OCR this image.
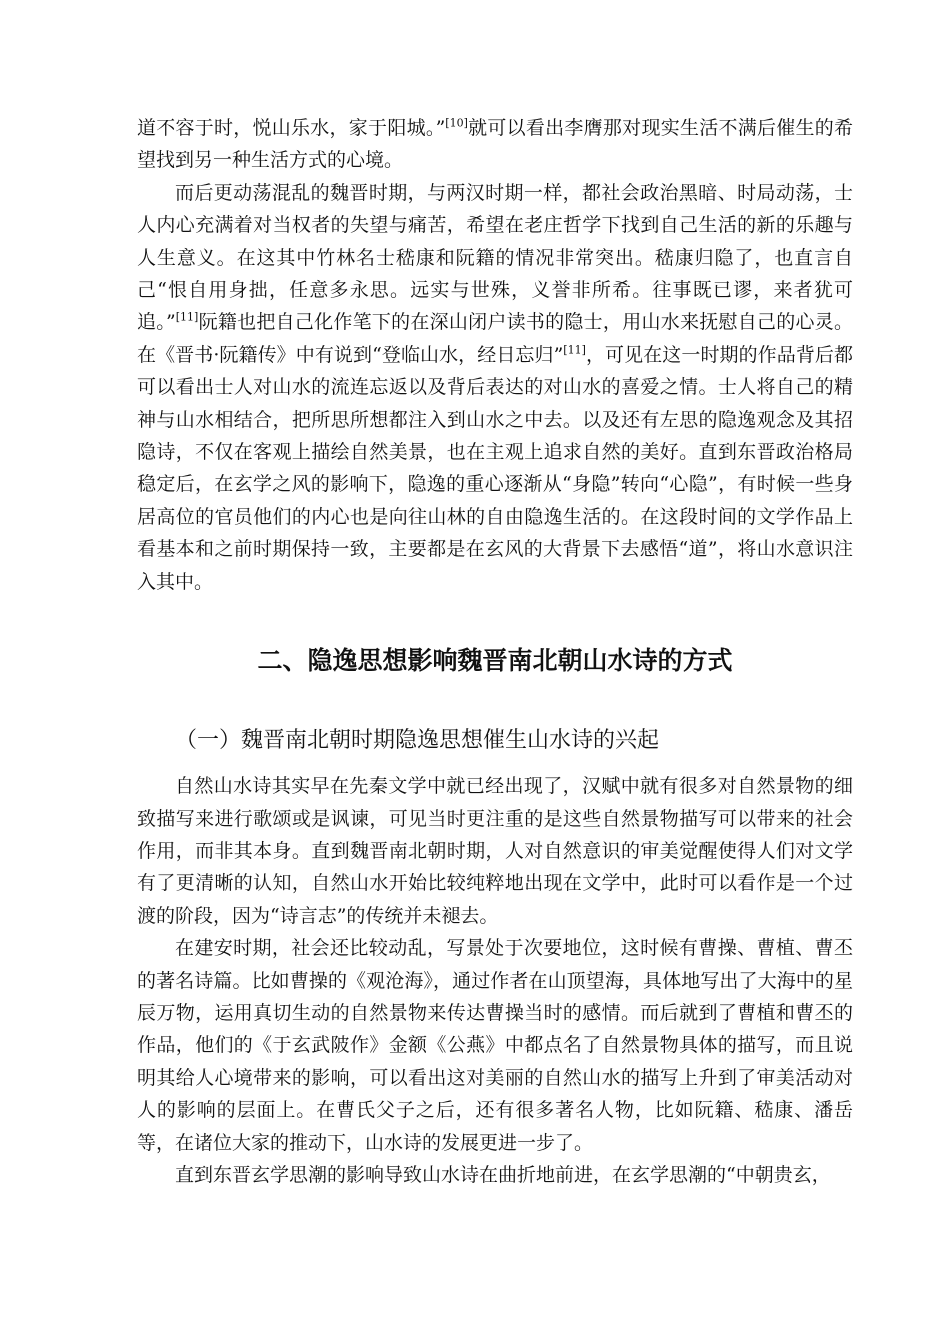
道不容于时，悦山乐水，家于阳城。”[10]就可以看出李膺那对现实生活不满后催生的希望找到另一种生活方式的心境。

而后更动荡混乱的魏晋时期，与两汉时期一样，都社会政治黑暗、时局动荡，士人内心充满着对当权者的失望与痛苦，希望在老庄哲学下找到自己生活的新的乐趣与人生意义。在这其中竹林名士嵇康和阮籍的情况非常突出。嵇康归隐了，也直言自己“恨自用身拙，任意多永思。远实与世殊，义誉非所希。往事既已谬，来者犹可追。”[11]阮籍也把自己化作笔下的在深山闭户读书的隐士，用山水来抚慰自己的心灵。在《晋书·阮籍传》中有说到“登临山水，经日忘归”[11]，可见在这一时期的作品背后都可以看出士人对山水的流连忘返以及背后表达的对山水的喜爱之情。士人将自己的精神与山水相结合，把所思所想都注入到山水之中去。以及还有左思的隐逸观念及其招隐诗，不仅在客观上描绘自然美景，也在主观上追求自然的美好。直到东晋政治格局稳定后，在玄学之风的影响下，隐逸的重心逐渐从“身隐”转向“心隐”，有时候一些身居高位的官员他们的内心也是向往山林的自由隐逸生活的。在这段时间的文学作品上看基本和之前时期保持一致，主要都是在玄风的大背景下去感悟“道”，将山水意识注入其中。

二、隐逸思想影响魏晋南北朝山水诗的方式
（一）魏晋南北朝时期隐逸思想催生山水诗的兴起

自然山水诗其实早在先秦文学中就已经出现了，汉赋中就有很多对自然景物的细致描写来进行歌颂或是讽谏，可见当时更注重的是这些自然景物描写可以带来的社会作用，而非其本身。直到魏晋南北朝时期，人对自然意识的审美觉醒使得人们对文学有了更清晰的认知，自然山水开始比较纯粹地出现在文学中，此时可以看作是一个过渡的阶段，因为“诗言志”的传统并未褪去。

在建安时期，社会还比较动乱，写景处于次要地位，这时候有曹操、曹植、曹丕的著名诗篇。比如曹操的《观沧海》，通过作者在山顶望海，具体地写出了大海中的星辰万物，运用真切生动的自然景物来传达曹操当时的感情。而后就到了曹植和曹丕的作品，他们的《于玄武陂作》金额《公燕》中都点名了自然景物具体的描写，而且说明其给人心境带来的影响，可以看出这对美丽的自然山水的描写上升到了审美活动对人的影响的层面上。在曹氏父子之后，还有很多著名人物，比如阮籍、嵇康、潘岳等，在诸位大家的推动下，山水诗的发展更进一步了。

直到东晋玄学思潮的影响导致山水诗在曲折地前进，在玄学思潮的“中朝贵玄，
